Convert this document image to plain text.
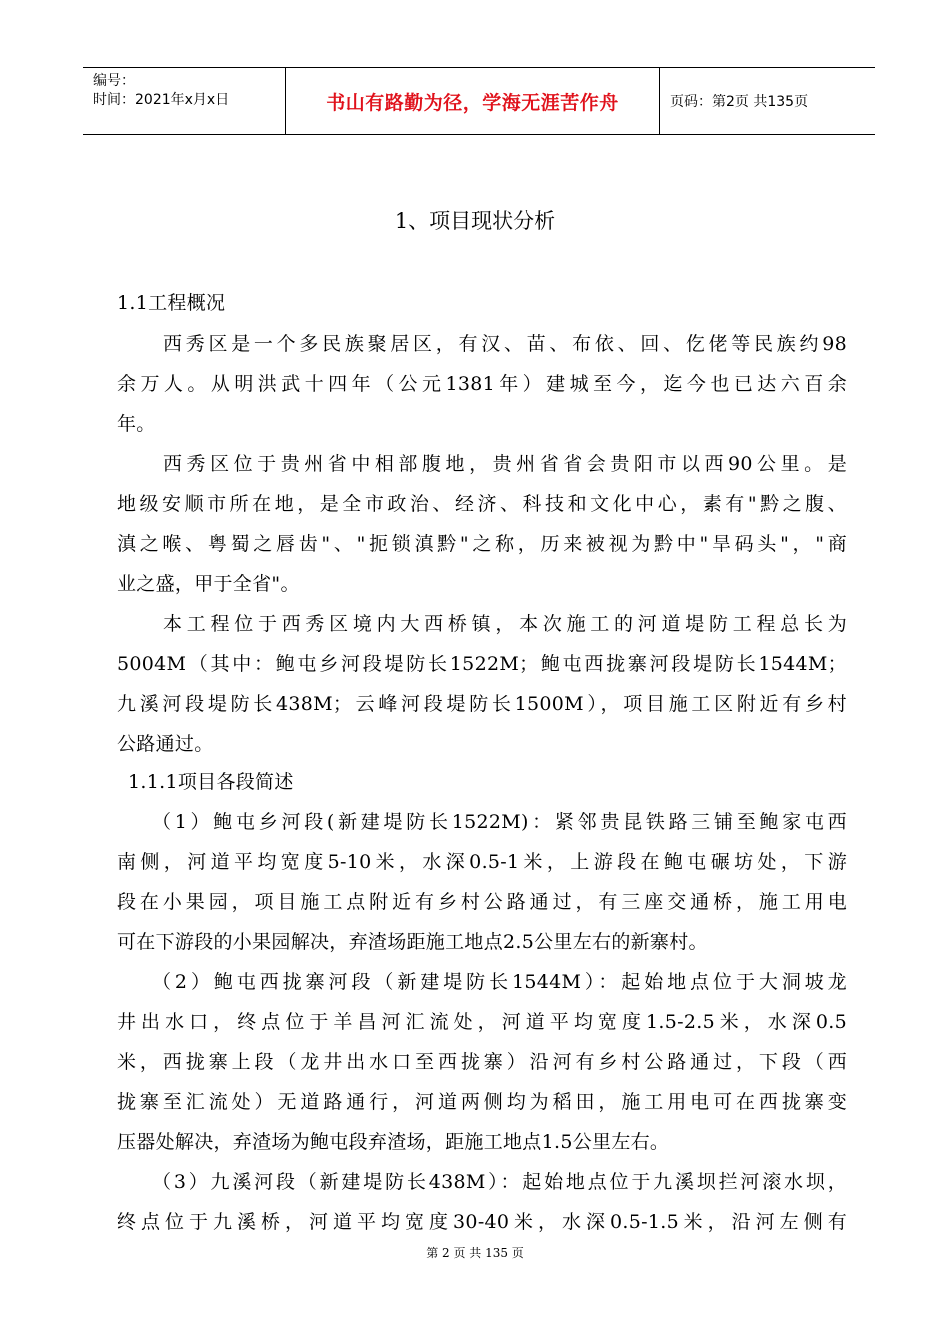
编号：
时间：2021年x月x日	书山有路勤为径，学海无涯苦作舟	页码：第2页 共135页
1、项目现状分析
1.1工程概况
西秀区是一个多民族聚居区，有汉、苗、布依、回、仡佬等民族约98
余万人。从明洪武十四年（公元1381年）建城至今，迄今也已达六百余
年。
西秀区位于贵州省中相部腹地，贵州省省会贵阳市以西90公里。是
地级安顺市所在地，是全市政治、经济、科技和文化中心，素有"黔之腹、
滇之喉、粤蜀之唇齿"、"扼锁滇黔"之称，历来被视为黔中"旱码头"，"商
业之盛，甲于全省"。
本工程位于西秀区境内大西桥镇，本次施工的河道堤防工程总长为
5004M（其中：鲍屯乡河段堤防长1522M；鲍屯西拢寨河段堤防长1544M；
九溪河段堤防长438M；云峰河段堤防长1500M），项目施工区附近有乡村
公路通过。
1.1.1项目各段简述
（1）鲍屯乡河段(新建堤防长1522M)：紧邻贵昆铁路三铺至鲍家屯西
南侧，河道平均宽度5-10米，水深0.5-1米，上游段在鲍屯碾坊处，下游
段在小果园，项目施工点附近有乡村公路通过，有三座交通桥，施工用电
可在下游段的小果园解决，弃渣场距施工地点2.5公里左右的新寨村。
（2）鲍屯西拢寨河段（新建堤防长1544M）：起始地点位于大洞坡龙
井出水口，终点位于羊昌河汇流处，河道平均宽度1.5-2.5米，水深0.5
米，西拢寨上段（龙井出水口至西拢寨）沿河有乡村公路通过，下段（西
拢寨至汇流处）无道路通行，河道两侧均为稻田，施工用电可在西拢寨变
压器处解决，弃渣场为鲍屯段弃渣场，距施工地点1.5公里左右。
（3）九溪河段（新建堤防长438M）：起始地点位于九溪坝拦河滚水坝，
终点位于九溪桥，河道平均宽度30-40米，水深0.5-1.5米，沿河左侧有
第 2 页 共 135 页
